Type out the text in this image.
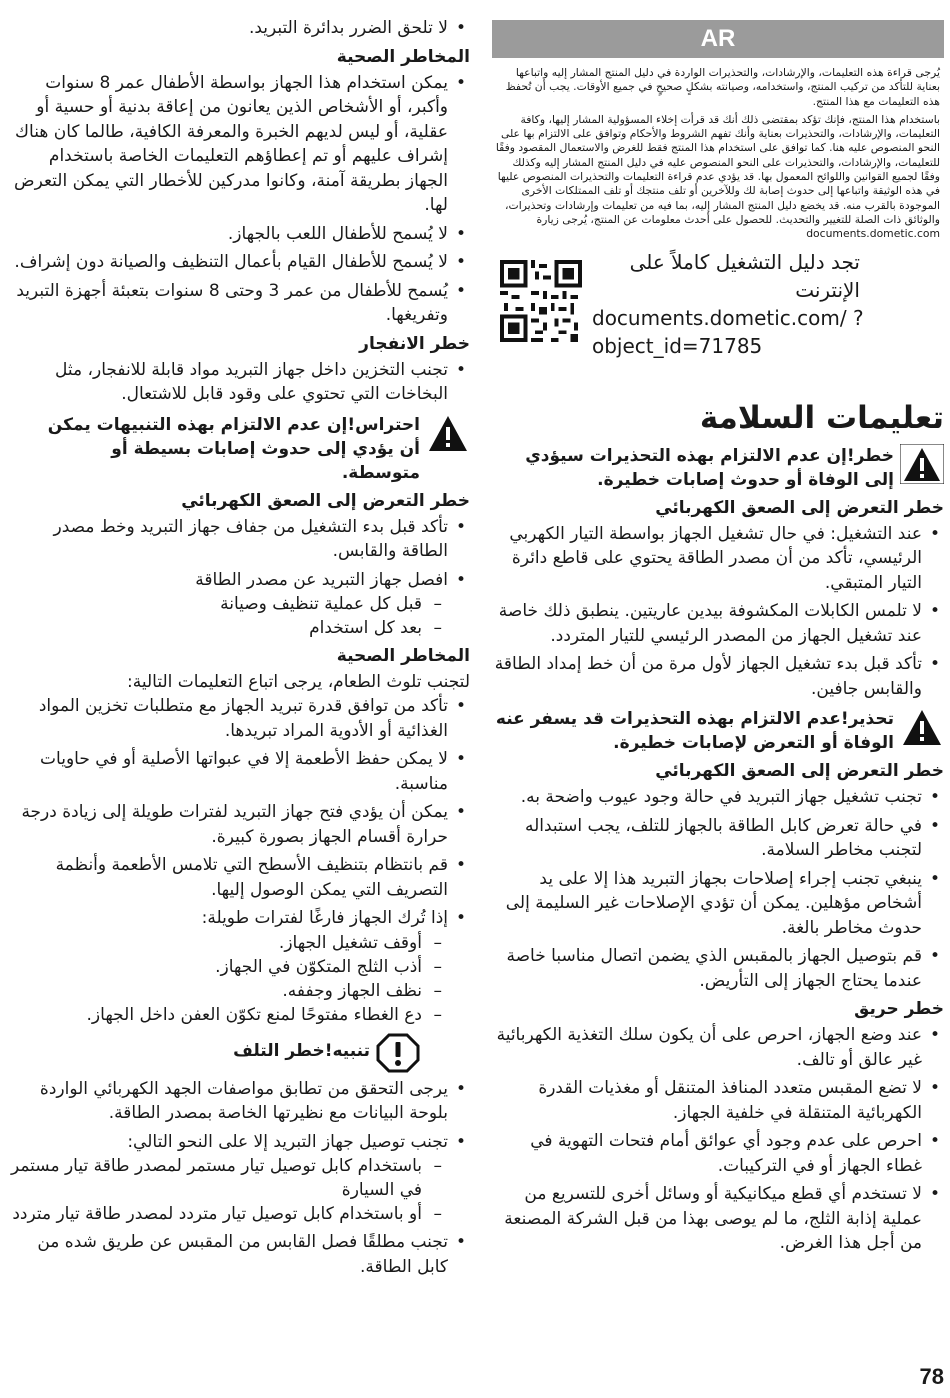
AR

يُرجى قراءة هذه التعليمات، والإرشادات، والتحذيرات الواردة في دليل المنتج المشار إليه واتباعها بعناية للتأكد من تركيب المنتج، واستخدامه، وصيانته بشكلٍ صحيحٍ في جميع الأوقات. يجب أن تُحفظ هذه التعليمات مع هذا المنتج.

باستخدام هذا المنتج، فإنك تؤكد بمقتضى ذلك أنك قد قرأت إخلاء المسؤولية المشار إليها، وكافة التعليمات، والإرشادات، والتحذيرات بعناية وأنك تفهم الشروط والأحكام وتوافق على الالتزام بها على النحو المنصوص عليه هنا. كما توافق على استخدام هذا المنتج فقط للغرض والاستعمال المقصود وفقًا للتعليمات، والإرشادات، والتحذيرات على النحو المنصوص عليه في دليل المنتج المشار إليه وكذلك وفقًا لجميع القوانين واللوائح المعمول بها. قد يؤدي عدم قراءة التعليمات والتحذيرات المنصوص عليها في هذه الوثيقة واتباعها إلى حدوث إصابة لك وللآخرين أو تلف منتجك أو تلف الممتلكات الأخرى الموجودة بالقرب منه. قد يخضع دليل المنتج المشار إليه، بما فيه من تعليمات وإرشادات وتحذيرات، والوثائق ذات الصلة للتغيير والتحديث. للحصول على أحدث معلومات عن المنتج، يُرجى زيارة documents.dometic.com

تجد دليل التشغيل كاملاً على الإنترنت
documents.dometic.com/ ?object_id=71785
تعليمات السلامة
خطر!إن عدم الالتزام بهذه التحذيرات سيؤدي إلى الوفاة أو حدوث إصابات خطيرة.
خطر التعرض إلى الصعق الكهربائي
• عند التشغيل: في حال تشغيل الجهاز بواسطة التيار الكهربي الرئيسي، تأكد من أن مصدر الطاقة يحتوي على قاطع دائرة التيار المتبقي.
• لا تلمس الكابلات المكشوفة بيدين عاريتين. ينطبق ذلك خاصة عند تشغيل الجهاز من المصدر الرئيسي للتيار المتردد.
• تأكد قبل بدء تشغيل الجهاز لأول مرة من أن خط إمداد الطاقة والقابس جافين.
تحذير!عدم الالتزام بهذه التحذيرات قد يسفر عنه الوفاة أو التعرض لإصابات خطيرة.
خطر التعرض إلى الصعق الكهربائي
• تجنب تشغيل جهاز التبريد في حالة وجود عيوب واضحة به.
• في حالة تعرض كابل الطاقة بالجهاز للتلف، يجب استبداله لتجنب مخاطر السلامة.
• ينبغي تجنب إجراء إصلاحات بجهاز التبريد هذا إلا على يد أشخاص مؤهلين. يمكن أن تؤدي الإصلاحات غير السليمة إلى حدوث مخاطر بالغة.
• قم بتوصيل الجهاز بالمقبس الذي يضمن اتصال مناسبا خاصة عندما يحتاج الجهاز إلى التأريض.
خطر حريق
• عند وضع الجهاز، احرص على أن يكون سلك التغذية الكهربائية غير عالق أو تالف.
• لا تضع المقبس متعدد المنافذ المتنقل أو مغذيات القدرة الكهربائية المتنقلة في خلفية الجهاز.
• احرص على عدم وجود أي عوائق أمام فتحات التهوية في غطاء الجهاز أو في التركيبات.
• لا تستخدم أي قطع ميكانيكية أو وسائل أخرى للتسريع من عملية إذابة الثلج، ما لم يوصى بهذا من قبل الشركة المصنعة من أجل هذا الغرض.
• لا تلحق الضرر بدائرة التبريد.
المخاطر الصحية
• يمكن استخدام هذا الجهاز بواسطة الأطفال عمر 8 سنوات وأكبر، أو الأشخاص الذين يعانون من إعاقة بدنية أو حسية أو عقلية، أو ليس لديهم الخبرة والمعرفة الكافية، طالما كان هناك إشراف عليهم أو تم إعطاؤهم التعليمات الخاصة باستخدام الجهاز بطريقة آمنة، وكانوا مدركين للأخطار التي يمكن التعرض لها.
• لا يُسمح للأطفال اللعب بالجهاز.
• لا يُسمح للأطفال القيام بأعمال التنظيف والصيانة دون إشراف.
• يُسمح للأطفال من عمر 3 وحتى 8 سنوات بتعبئة أجهزة التبريد وتفريغها.
خطر الانفجار
• تجنب التخزين داخل جهاز التبريد مواد قابلة للانفجار، مثل البخاخات التي تحتوي على وقود قابل للاشتعال.
احتراس!إن عدم الالتزام بهذه التنبيهات يمكن أن يؤدي إلى حدوث إصابات بسيطة أو متوسطة.
خطر التعرض إلى الصعق الكهربائي
• تأكد قبل بدء التشغيل من جفاف جهاز التبريد وخط مصدر الطاقة والقابس.
• افصل جهاز التبريد عن مصدر الطاقة
– قبل كل عملية تنظيف وصيانة
– بعد كل استخدام
المخاطر الصحية

لتجنب تلوث الطعام، يرجى اتباع التعليمات التالية:

• تأكد من توافق قدرة تبريد الجهاز مع متطلبات تخزين المواد الغذائية أو الأدوية المراد تبريدها.
• لا يمكن حفظ الأطعمة إلا في عبواتها الأصلية أو في حاويات مناسبة.
• يمكن أن يؤدي فتح جهاز التبريد لفترات طويلة إلى زيادة درجة حرارة أقسام الجهاز بصورة كبيرة.
• قم بانتظام بتنظيف الأسطح التي تلامس الأطعمة وأنظمة التصريف التي يمكن الوصول إليها.
• إذا تُرك الجهاز فارغًا لفترات طويلة:
– أوقف تشغيل الجهاز.
– أذب الثلج المتكوّن في الجهاز.
– نظف الجهاز وجففه.
– دع الغطاء مفتوحًا لمنع تكوّن العفن داخل الجهاز.
تنبيه!خطر التلف
• يرجى التحقق من تطابق مواصفات الجهد الكهربائي الواردة بلوحة البيانات مع نظيرتها الخاصة بمصدر الطاقة.
• تجنب توصيل جهاز التبريد إلا على النحو التالي:
– باستخدام كابل توصيل تيار مستمر لمصدر طاقة تيار مستمر في السيارة
– أو باستخدام كابل توصيل تيار متردد لمصدر طاقة تيار متردد
• تجنب مطلقًا فصل القابس من المقبس عن طريق شده من كابل الطاقة.
78
